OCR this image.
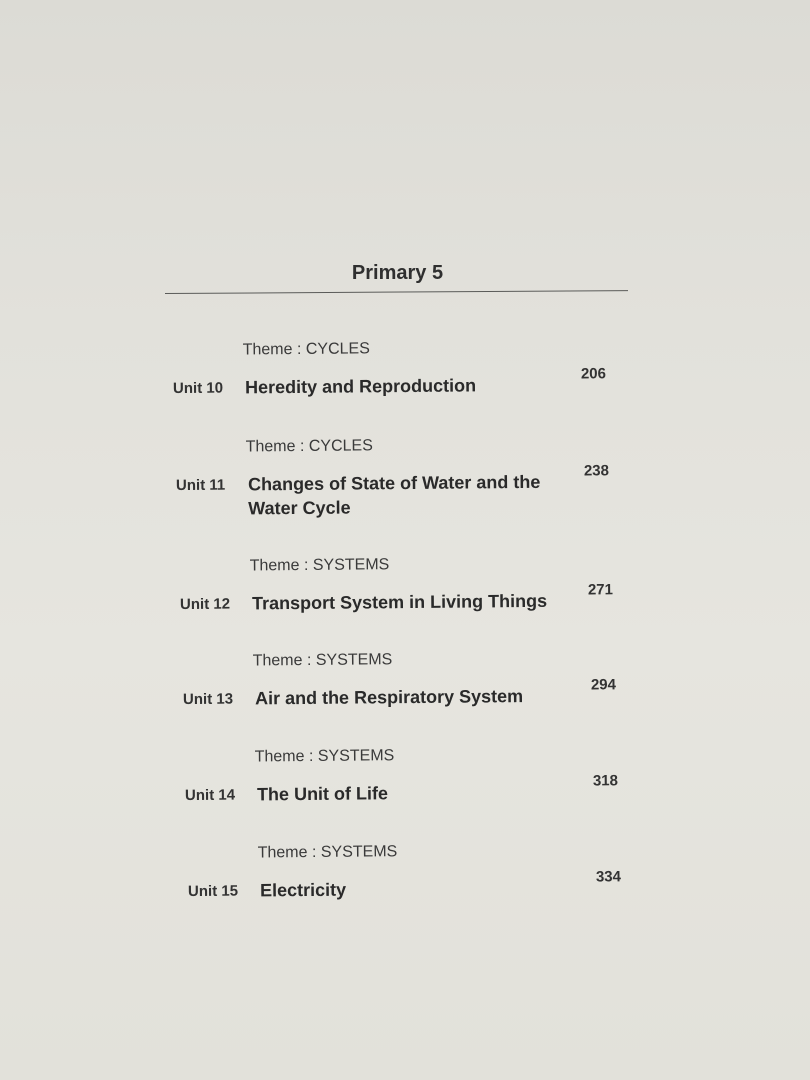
Primary 5
Theme : CYCLES
Unit 10 Heredity and Reproduction
206
Theme : CYCLES
Unit 11 Changes of State of Water and the Water Cycle
238
Theme : SYSTEMS
Unit 12 Transport System in Living Things
271
Theme : SYSTEMS
Unit 13 Air and the Respiratory System
294
Theme : SYSTEMS
Unit 14 The Unit of Life
318
Theme : SYSTEMS
Unit 15 Electricity
334
